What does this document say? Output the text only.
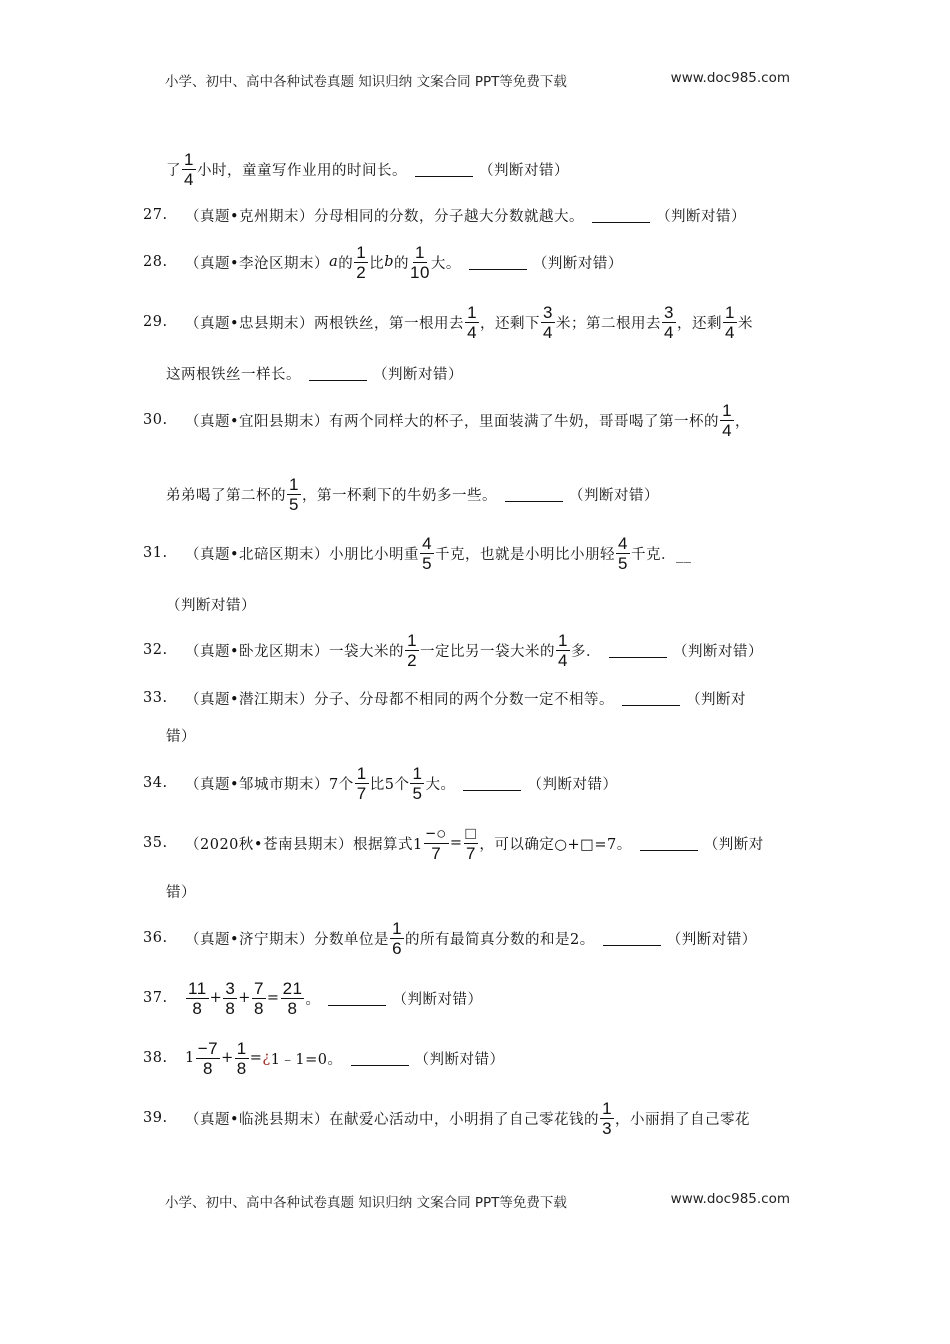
小学、初中、高中各种试卷真题 知识归纳 文案合同 PPT等免费下载	www.doc985.com
了 $\frac{1}{4}$ 小时，童童写作业用的时间长。	（判断对错）
27.	（真题•克州期末）分母相同的分数，分子越大分数就越大。	（判断对错）
28.	（真题•李沧区期末） a 的 $\frac{1}{2}$ 比 b 的 $\frac{1}{10}$ 大。	（判断对错）
29.	（真题•忠县期末）两根铁丝，第一根用去 $\frac{1}{4}$ ，还剩下 $\frac{3}{4}$ 米；第二根用去 $\frac{3}{4}$ ，还剩 $\frac{1}{4}$ 米
这两根铁丝一样长。	（判断对错）
30.	（真题•宜阳县期末）有两个同样大的杯子，里面装满了牛奶，哥哥喝了第一杯的 $\frac{1}{4}$ ，
弟弟喝了第二杯的 $\frac{1}{5}$ ，第一杯剩下的牛奶多一些。	（判断对错）
31.	（真题•北碚区期末）小朋比小明重 $\frac{4}{5}$ 千克，也就是小明比小朋轻 $\frac{4}{5}$ 千克．__
（判断对错）
32.	（真题•卧龙区期末）一袋大米的 $\frac{1}{2}$ 一定比另一袋大米的 $\frac{1}{4}$ 多．	（判断对错）
33.	（真题•潜江期末）分子、分母都不相同的两个分数一定不相等。	（判断对
错）
34.	（真题•邹城市期末）7个 $\frac{1}{7}$ 比5个 $\frac{1}{5}$ 大。	（判断对错）
35.	（2020秋•苍南县期末）根据算式$1 \frac{-○}{7} = \frac{□}{7}$ ，可以确定○+□=7。	（判断对
错）
36.	（真题•济宁期末）分数单位是 $\frac{1}{6}$ 的所有最简真分数的和是2。	（判断对错）
37.	$\frac{11}{8} + \frac{3}{8} + \frac{7}{8} = \frac{21}{8}$ 。	（判断对错）
38.	$1 \frac{-7}{8} + \frac{1}{8}$ = ¿ 1﹣1=0。	（判断对错）
39.	（真题•临洮县期末）在献爱心活动中，小明捐了自己零花钱的 $\frac{1}{3}$ ，小丽捐了自己零花
小学、初中、高中各种试卷真题 知识归纳 文案合同 PPT等免费下载	www.doc985.com
